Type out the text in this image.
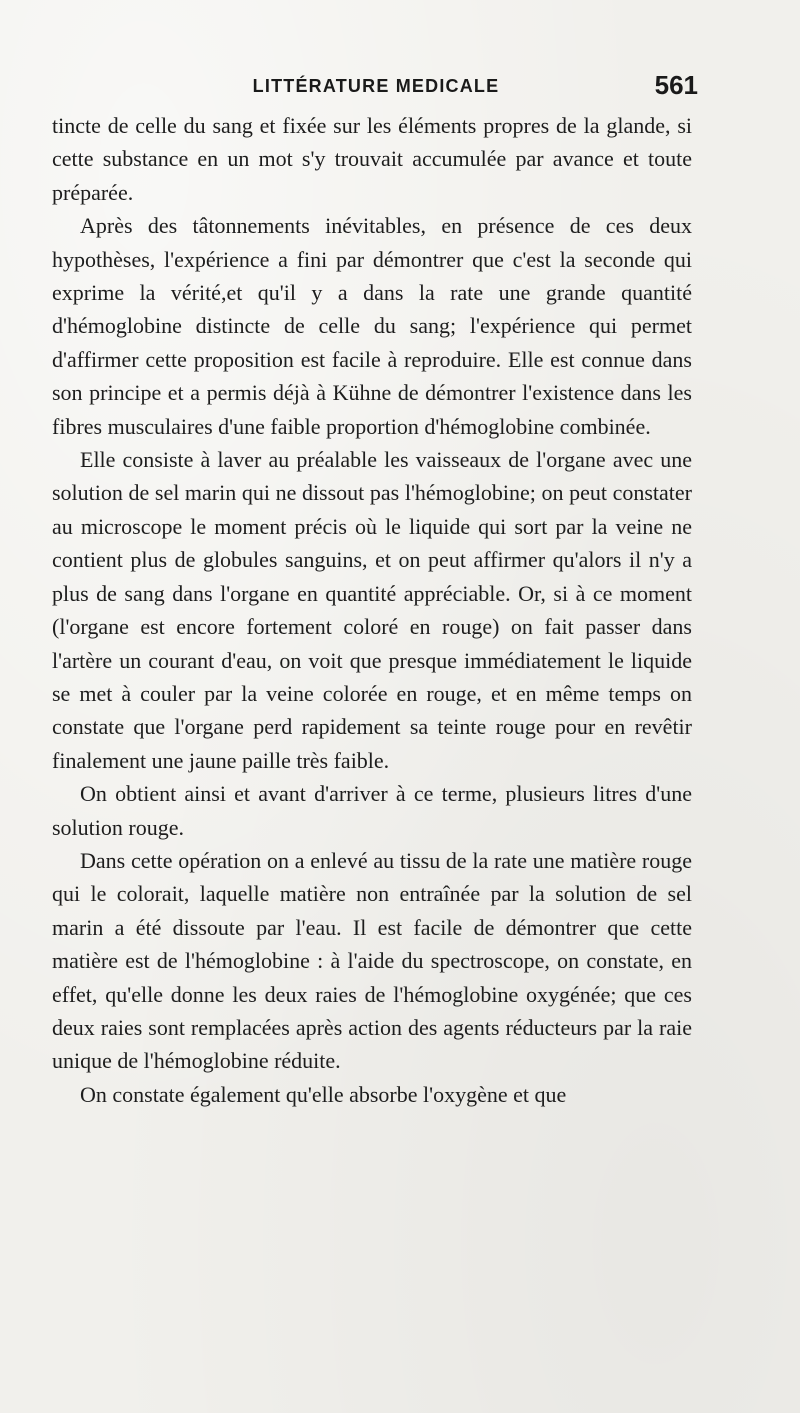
LITTÉRATURE MEDICALE	561

tincte de celle du sang et fixée sur les éléments propres de la glande, si cette substance en un mot s'y trouvait accumulée par avance et toute préparée.

Après des tâtonnements inévitables, en présence de ces deux hypothèses, l'expérience a fini par démontrer que c'est la seconde qui exprime la vérité,et qu'il y a dans la rate une grande quantité d'hémoglobine distincte de celle du sang; l'expérience qui permet d'affirmer cette proposition est facile à reproduire. Elle est connue dans son principe et a permis déjà à Kühne de démontrer l'existence dans les fibres musculaires d'une faible proportion d'hémoglobine combinée.

Elle consiste à laver au préalable les vaisseaux de l'organe avec une solution de sel marin qui ne dissout pas l'hémoglobine; on peut constater au microscope le moment précis où le liquide qui sort par la veine ne contient plus de globules sanguins, et on peut affirmer qu'alors il n'y a plus de sang dans l'organe en quantité appréciable. Or, si à ce moment (l'organe est encore fortement coloré en rouge) on fait passer dans l'artère un courant d'eau, on voit que presque immédiatement le liquide se met à couler par la veine colorée en rouge, et en même temps on constate que l'organe perd rapidement sa teinte rouge pour en revêtir finalement une jaune paille très faible.

On obtient ainsi et avant d'arriver à ce terme, plusieurs litres d'une solution rouge.

Dans cette opération on a enlevé au tissu de la rate une matière rouge qui le colorait, laquelle matière non entraînée par la solution de sel marin a été dissoute par l'eau. Il est facile de démontrer que cette matière est de l'hémoglobine : à l'aide du spectroscope, on constate, en effet, qu'elle donne les deux raies de l'hémoglobine oxygénée; que ces deux raies sont remplacées après action des agents réducteurs par la raie unique de l'hémoglobine réduite.

On constate également qu'elle absorbe l'oxygène et que
